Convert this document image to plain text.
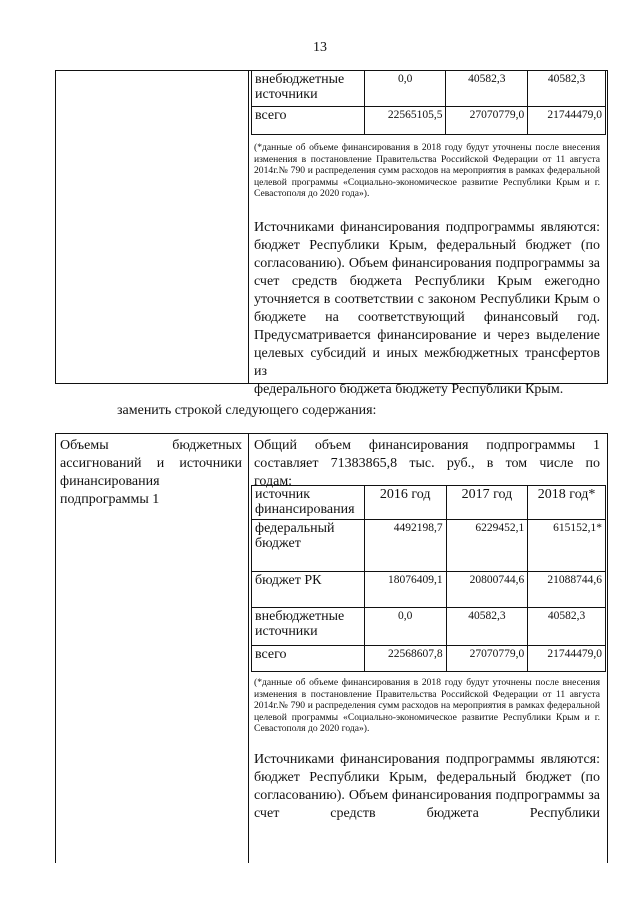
13
внебюджетные источники	0,0	40582,3	40582,3
всего	22565105,5	27070779,0	21744479,0
(*данные об объеме финансирования в 2018 году будут уточнены после внесения изменения в постановление Правительства Российской Федерации от 11 августа 2014г.№ 790 и распределения сумм расходов на мероприятия в рамках федеральной целевой программы «Социально-экономическое развитие Республики Крым и г. Севастополя до 2020 года»).
Источниками финансирования подпрограммы являются: бюджет Республики Крым, федеральный бюджет (по согласованию). Объем финансирования подпрограммы за счет средств бюджета Республики Крым ежегодно уточняется в соответствии с законом Республики Крым о бюджете на соответствующий финансовый год. Предусматривается финансирование и через выделение целевых субсидий и иных межбюджетных трансфертов из
федерального бюджета бюджету Республики Крым.
заменить строкой следующего содержания:
Объемы бюджетных ассигнований и источники финансирования подпрограммы 1
Общий объем финансирования подпрограммы 1 составляет 71383865,8 тыс. руб., в том числе по
годам:
источник финансирования	2016 год	2017 год	2018 год*
федеральный бюджет	4492198,7	6229452,1	615152,1*
бюджет РК	18076409,1	20800744,6	21088744,6
внебюджетные источники	0,0	40582,3	40582,3
всего	22568607,8	27070779,0	21744479,0
(*данные об объеме финансирования в 2018 году будут уточнены после внесения изменения в постановление Правительства Российской Федерации от 11 августа 2014г.№ 790 и распределения сумм расходов на мероприятия в рамках федеральной целевой программы «Социально-экономическое развитие Республики Крым и г. Севастополя до 2020 года»).
Источниками финансирования подпрограммы являются: бюджет Республики Крым, федеральный бюджет (по согласованию). Объем финансирования подпрограммы за счет средств бюджета Республики
